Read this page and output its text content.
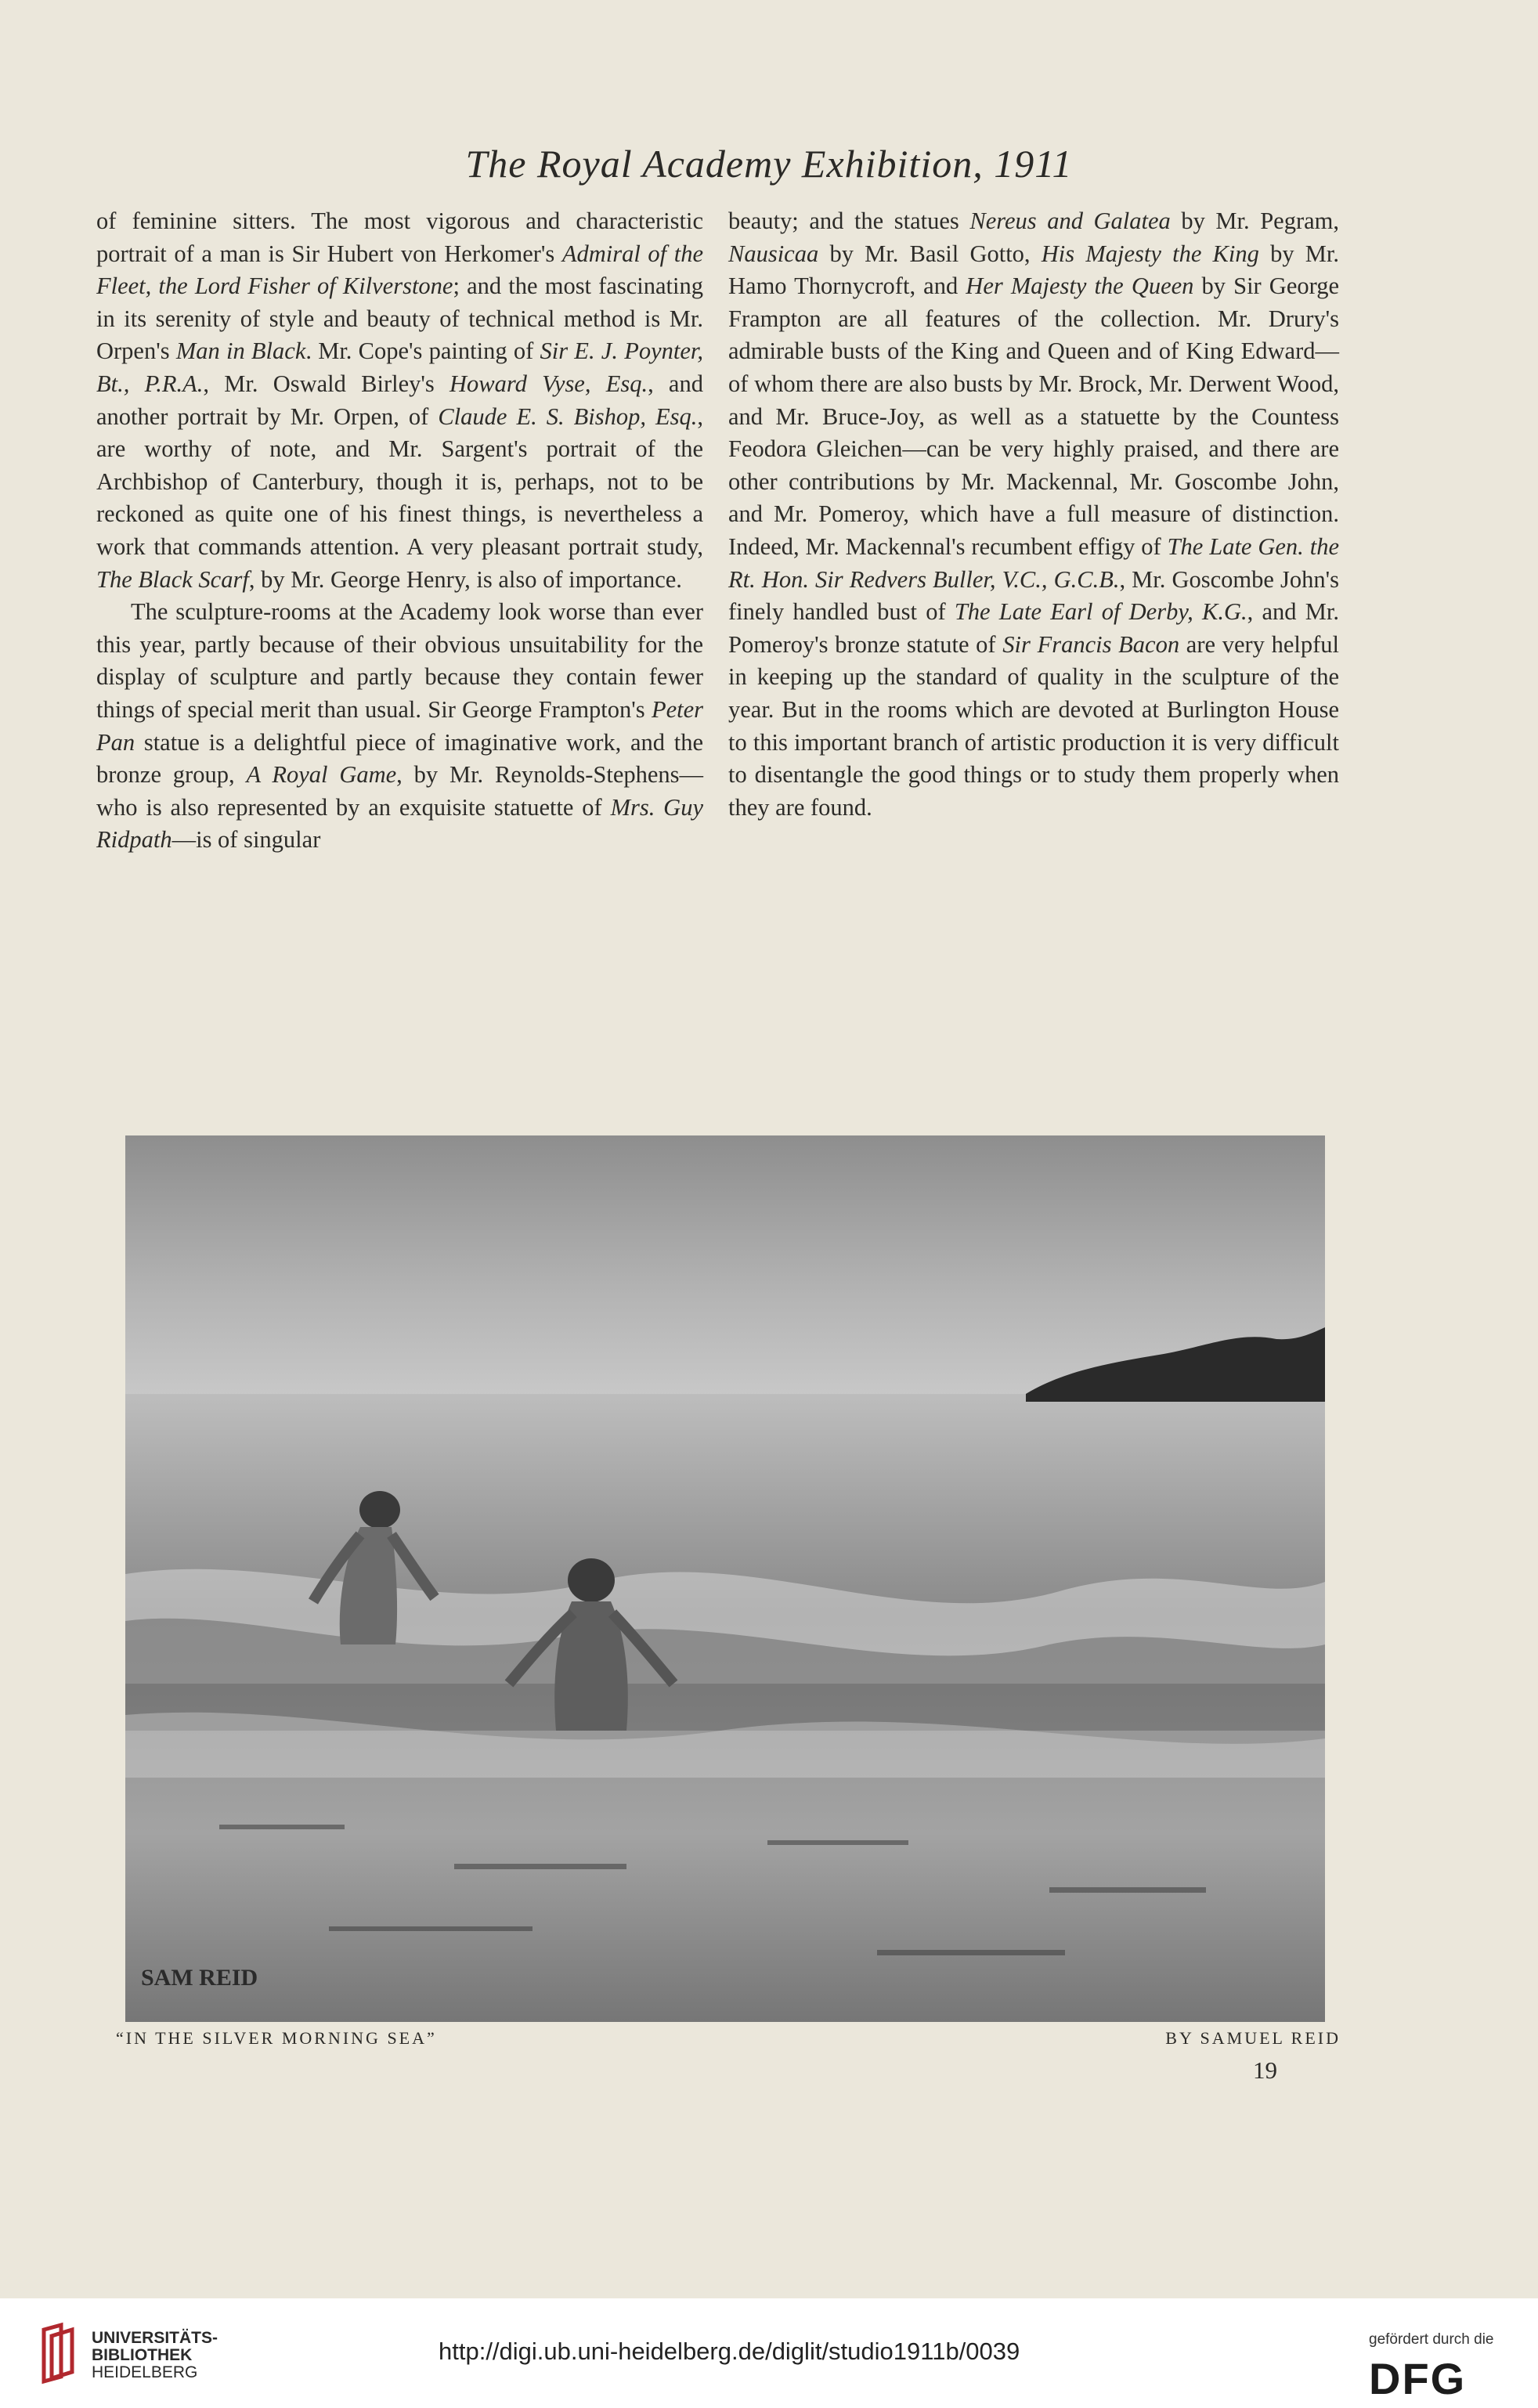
The Royal Academy Exhibition, 1911

of feminine sitters. The most vigorous and characteristic portrait of a man is Sir Hubert von Herkomer's Admiral of the Fleet, the Lord Fisher of Kilverstone; and the most fascinating in its serenity of style and beauty of technical method is Mr. Orpen's Man in Black. Mr. Cope's painting of Sir E. J. Poynter, Bt., P.R.A., Mr. Oswald Birley's Howard Vyse, Esq., and another portrait by Mr. Orpen, of Claude E. S. Bishop, Esq., are worthy of note, and Mr. Sargent's portrait of the Archbishop of Canterbury, though it is, perhaps, not to be reckoned as quite one of his finest things, is nevertheless a work that commands attention. A very pleasant portrait study, The Black Scarf, by Mr. George Henry, is also of importance.

The sculpture-rooms at the Academy look worse than ever this year, partly because of their obvious unsuitability for the display of sculpture and partly because they contain fewer things of special merit than usual. Sir George Frampton's Peter Pan statue is a delightful piece of imaginative work, and the bronze group, A Royal Game, by Mr. Reynolds-Stephens—who is also represented by an exquisite statuette of Mrs. Guy Ridpath—is of singular

beauty; and the statues Nereus and Galatea by Mr. Pegram, Nausicaa by Mr. Basil Gotto, His Majesty the King by Mr. Hamo Thornycroft, and Her Majesty the Queen by Sir George Frampton are all features of the collection. Mr. Drury's admirable busts of the King and Queen and of King Edward—of whom there are also busts by Mr. Brock, Mr. Derwent Wood, and Mr. Bruce-Joy, as well as a statuette by the Countess Feodora Gleichen—can be very highly praised, and there are other contributions by Mr. Mackennal, Mr. Goscombe John, and Mr. Pomeroy, which have a full measure of distinction. Indeed, Mr. Mackennal's recumbent effigy of The Late Gen. the Rt. Hon. Sir Redvers Buller, V.C., G.C.B., Mr. Goscombe John's finely handled bust of The Late Earl of Derby, K.G., and Mr. Pomeroy's bronze statute of Sir Francis Bacon are very helpful in keeping up the standard of quality in the sculpture of the year. But in the rooms which are devoted at Burlington House to this important branch of artistic production it is very difficult to disentangle the good things or to study them properly when they are found.

SAM REID
“IN THE SILVER MORNING SEA”	BY SAMUEL REID
19
UNIVERSITÄTS-
BIBLIOTHEK
HEIDELBERG
http://digi.ub.uni-heidelberg.de/diglit/studio1911b/0039	gefördert durch die
DFG
